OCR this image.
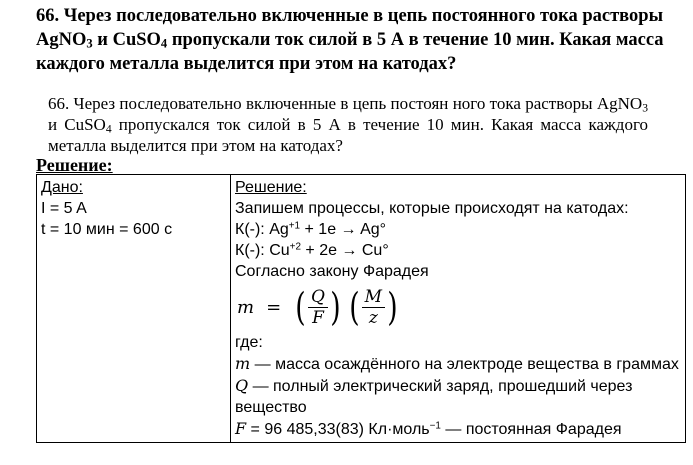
66. Через последовательно включенные в цепь постоянного тока растворы AgNO$_3$ и CuSO$_4$ пропускали ток силой в 5 А в течение 10 мин. Какая масса каждого металла выделится при этом на катодах?
66. Через последовательно включенные в цепь постоян ного тока растворы AgNO$_3$ и CuSO$_4$ пропускался ток силой в 5 А в течение 10 мин. Какая масса каждого металла выделится при этом на катодах?
Решение:
Дано:
I = 5 A
t = 10 мин = 600 с

Решение:
Запишем процессы, которые происходят на катодах:
К(-): $Ag^{+1} + 1e \to Ag^\circ$
К(-): $Cu^{+2} + 2e \to Cu^\circ$
Согласно закону Фарадея
m = ( $\frac{Q}{F}$ ) ( $\frac{M}{z}$ )
где:
m — масса осаждённого на электроде вещества в граммах
Q — полный электрический заряд, прошедший через вещество
F = 96 485,33(83) Кл·моль$^{-1}$ — постоянная Фарадея
